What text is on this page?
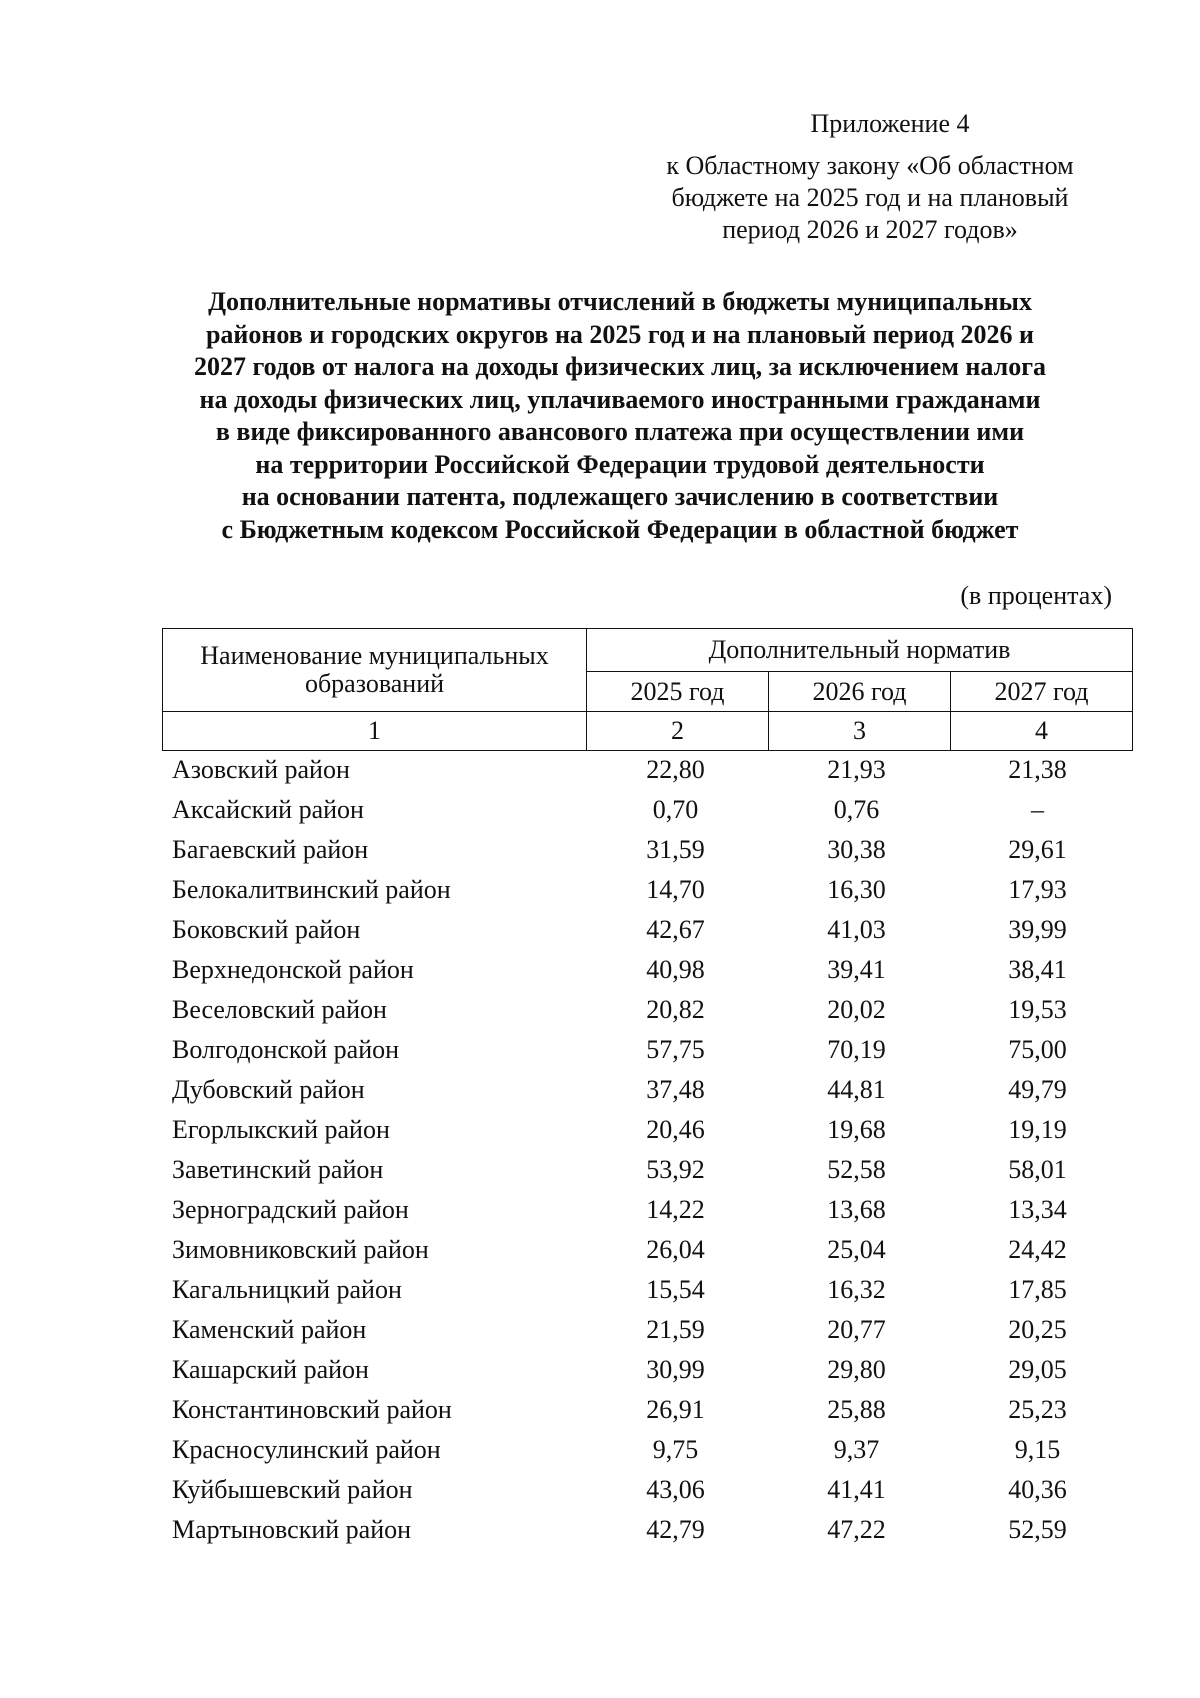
Приложение 4
к Областному закону «Об областном
бюджете на 2025 год и на плановый
период 2026 и 2027 годов»
Дополнительные нормативы отчислений в бюджеты муниципальных
районов и городских округов на 2025 год и на плановый период 2026 и
2027 годов от налога на доходы физических лиц, за исключением налога
на доходы физических лиц, уплачиваемого иностранными гражданами
в виде фиксированного авансового платежа при осуществлении ими
на территории Российской Федерации трудовой деятельности
на основании патента, подлежащего зачислению в соответствии
с Бюджетным кодексом Российской Федерации в областной бюджет
(в процентах)
Наименование муниципальных образований	Дополнительный норматив		
	2025 год	2026 год	2027 год
1	2	3	4
Азовский район	22,80	21,93	21,38
Аксайский район	0,70	0,76	–
Багаевский район	31,59	30,38	29,61
Белокалитвинский район	14,70	16,30	17,93
Боковский район	42,67	41,03	39,99
Верхнедонской район	40,98	39,41	38,41
Веселовский район	20,82	20,02	19,53
Волгодонской район	57,75	70,19	75,00
Дубовский район	37,48	44,81	49,79
Егорлыкский район	20,46	19,68	19,19
Заветинский район	53,92	52,58	58,01
Зерноградский район	14,22	13,68	13,34
Зимовниковский район	26,04	25,04	24,42
Кагальницкий район	15,54	16,32	17,85
Каменский район	21,59	20,77	20,25
Кашарский район	30,99	29,80	29,05
Константиновский район	26,91	25,88	25,23
Красносулинский район	9,75	9,37	9,15
Куйбышевский район	43,06	41,41	40,36
Мартыновский район	42,79	47,22	52,59
